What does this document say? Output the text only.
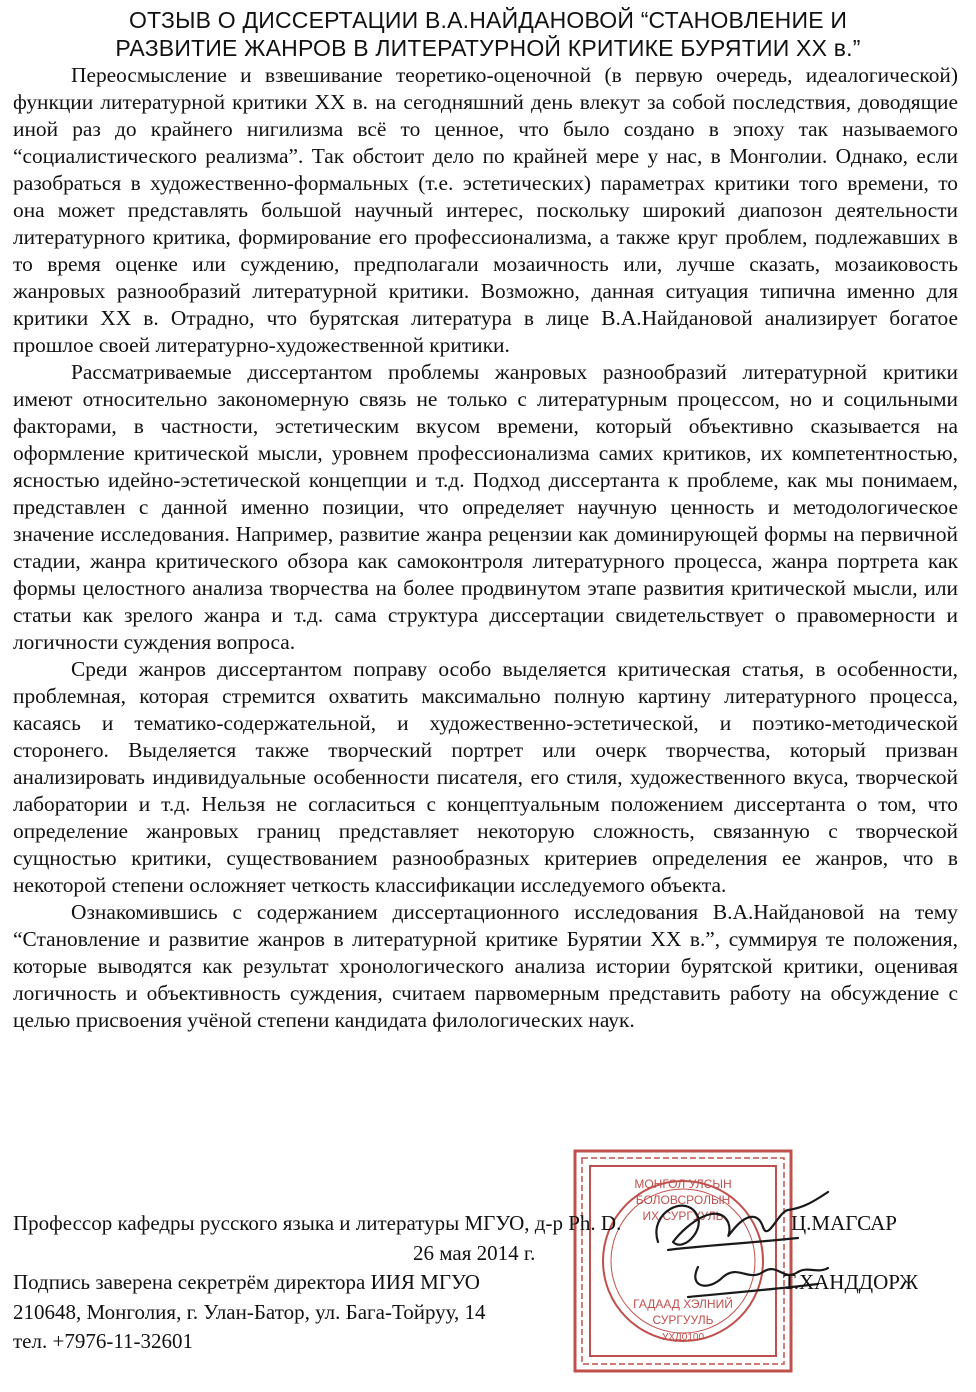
ОТЗЫВ О ДИССЕРТАЦИИ В.А.НАЙДАНОВОЙ “СТАНОВЛЕНИЕ И
РАЗВИТИЕ ЖАНРОВ В ЛИТЕРАТУРНОЙ КРИТИКЕ БУРЯТИИ XX в.”

Переосмысление и взвешивание теоретико-оценочной (в первую очередь, идеалогической) функции литературной критики XX в. на сегодняшний день влекут за собой последствия, доводящие иной раз до крайнего нигилизма всё то ценное, что было создано в эпоху так называемого “социалистического реализма”. Так обстоит дело по крайней мере у нас, в Монголии. Однако, если разобраться в художественно-формальных (т.е. эстетических) параметрах критики того времени, то она может представлять большой научный интерес, поскольку широкий диапозон деятельности литературного критика, формирование его профессионализма, а также круг проблем, подлежавших в то время оценке или суждению, предполагали мозаичность или, лучше сказать, мозаиковость жанровых разнообразий литературной критики. Возможно, данная ситуация типична именно для критики XX в. Отрадно, что бурятская литература в лице В.А.Найдановой анализирует богатое прошлое своей литературно-художественной критики.

Рассматриваемые диссертантом проблемы жанровых разнообразий литературной критики имеют относительно закономерную связь не только с литературным процессом, но и социльными факторами, в частности, эстетическим вкусом времени, который объективно сказывается на оформление критической мысли, уровнем профессионализма самих критиков, их компетентностью, ясностью идейно-эстетической концепции и т.д. Подход диссертанта к проблеме, как мы понимаем, представлен с данной именно позиции, что определяет научную ценность и методологическое значение исследования. Например, развитие жанра рецензии как доминирующей формы на первичной стадии, жанра критического обзора как самоконтроля литературного процесса, жанра портрета как формы целостного анализа творчества на более продвинутом этапе развития критической мысли, или статьи как зрелого жанра и т.д. сама структура диссертации свидетельствует о правомерности и логичности суждения вопроса.

Среди жанров диссертантом поправу особо выделяется критическая статья, в особенности, проблемная, которая стремится охватить максимально полную картину литературного процесса, касаясь и тематико-содержательной, и художественно-эстетической, и поэтико-методической сторонего. Выделяется также творческий портрет или очерк творчества, который призван анализировать индивидуальные особенности писателя, его стиля, художественного вкуса, творческой лаборатории и т.д. Нельзя не согласиться с концептуальным положением диссертанта о том, что определение жанровых границ представляет некоторую сложность, связанную с творческой сущностью критики, существованием разнообразных критериев определения ее жанров, что в некоторой степени осложняет четкость классификации исследуемого объекта.

Ознакомившись с содержанием диссертационного исследования В.А.Найдановой на тему “Становление и развитие жанров в литературной критике Бурятии XX в.”, суммируя те положения, которые выводятся как результат хронологического анализа истории бурятской критики, оценивая логичность и объективность суждения, считаем парвомерным представить работу на обсуждение с целью присвоения учёной степени кандидата филологических наук.

МОНГОЛ УЛСЫН
БОЛОВСРОЛЫН
ИХ СУРГУУЛЬ
ГАДААД ХЭЛНИЙ
СУРГУУЛЬ
УХД0100
Профессор кафедры русского языка и литературы МГУО, д-р Ph. D.	Ц.МАГСАР
26 мая 2014 г.
Подпись заверена секретрём директора ИИЯ МГУО	Т.ХАНДДОРЖ
210648, Монголия, г. Улан-Батор, ул. Бага-Тойруу, 14
тел. +7976-11-32601
